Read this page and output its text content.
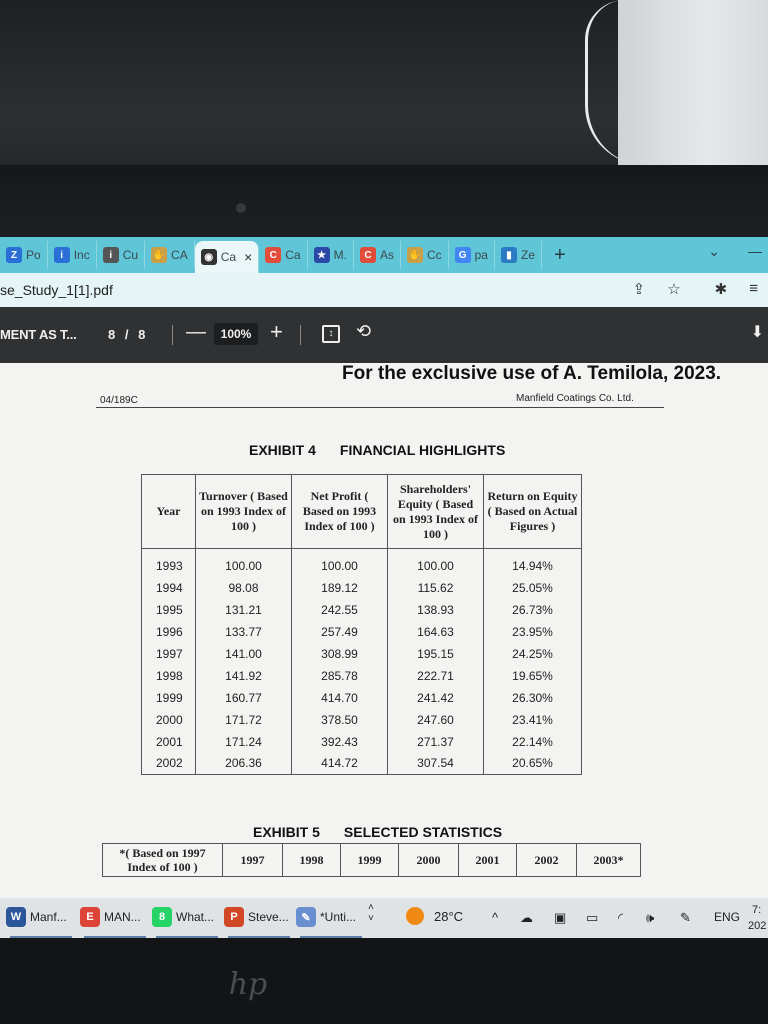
Z Po	i Inc	i Cu ✋ CA	◉ Ca ×	C Ca	★ M.	C As ✋ Cc	G pa	▮ Ze +	⌄ —
se_Study_1[1].pdf	⇪ ☆ ✱ ≡
MENT AS T... 8 / 8 —	100% +	↕	⟲	⬇
For the exclusive use of A. Temilola, 2023.
04/189C	Manfield Coatings Co. Ltd.
EXHIBIT 4 FINANCIAL HIGHLIGHTS
Year	Turnover ( Based on 1993 Index of 100 )	Net Profit ( Based on 1993 Index of 100 )	Shareholders' Equity ( Based on 1993 Index of 100 )	Return on Equity ( Based on Actual Figures )
1993	100.00	100.00	100.00	14.94%
1994	98.08	189.12	115.62	25.05%
1995	131.21	242.55	138.93	26.73%
1996	133.77	257.49	164.63	23.95%
1997	141.00	308.99	195.15	24.25%
1998	141.92	285.78	222.71	19.65%
1999	160.77	414.70	241.42	26.30%
2000	171.72	378.50	247.60	23.41%
2001	171.24	392.43	271.37	22.14%
2002	206.36	414.72	307.54	20.65%
EXHIBIT 5 SELECTED STATISTICS
*( Based on 1997 Index of 100 )	1997	1998	1999	2000	2001	2002	2003*
W Manf...	E MAN...	8 What...	P Steve...	✎ *Unti...
˄
˅	28°C ^ ☁ ▣ ▭ ◜ 🕪 ✎ ENG 7:
202
hp
